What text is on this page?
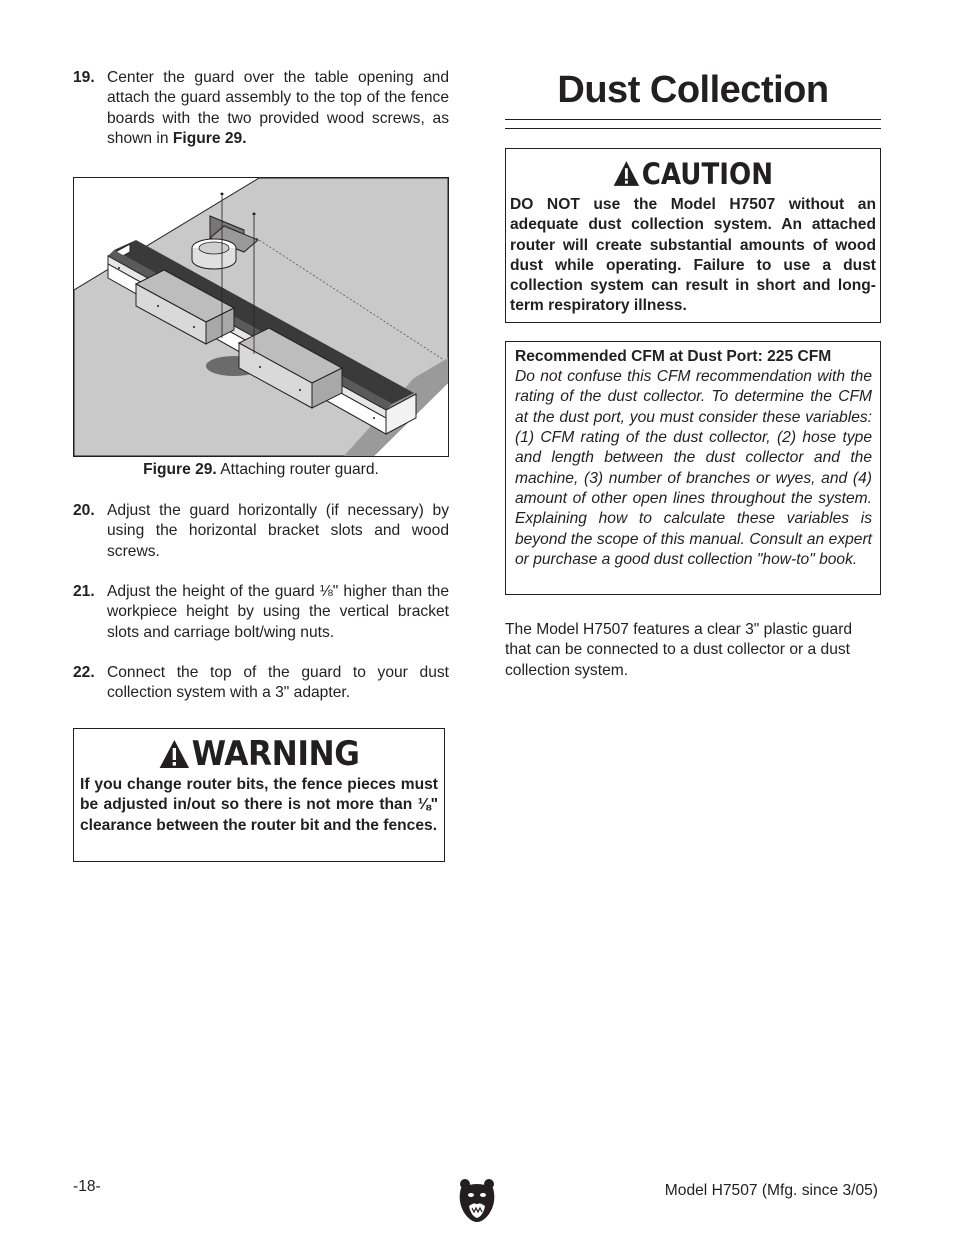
19. Center the guard over the table opening and attach the guard assembly to the top of the fence boards with the two provided wood screws, as shown in Figure 29.
Figure 29. Attaching router guard.
20. Adjust the guard horizontally (if necessary) by using the horizontal bracket slots and wood screws.
21. Adjust the height of the guard ⅛" higher than the workpiece height by using the vertical bracket slots and carriage bolt/wing nuts.
22. Connect the top of the guard to your dust collection system with a 3" adapter.
WARNING
If you change router bits, the fence pieces must be adjusted in/out so there is not more than ⅛" clearance between the router bit and the fences.
Dust Collection
CAUTION
DO NOT use the Model H7507 without an adequate dust collection system. An attached router will create substantial amounts of wood dust while operating. Failure to use a dust collection system can result in short and long-term respiratory illness.
Recommended CFM at Dust Port: 225 CFM
Do not confuse this CFM recommendation with the rating of the dust collector. To determine the CFM at the dust port, you must consider these variables: (1) CFM rating of the dust collector, (2) hose type and length between the dust collector and the machine, (3) number of branches or wyes, and (4) amount of other open lines throughout the system. Explaining how to calculate these variables is beyond the scope of this manual. Consult an expert or purchase a good dust collection "how-to" book.
The Model H7507 features a clear 3" plastic guard that can be connected to a dust collector or a dust collection system.
-18-	Model H7507 (Mfg. since 3/05)
